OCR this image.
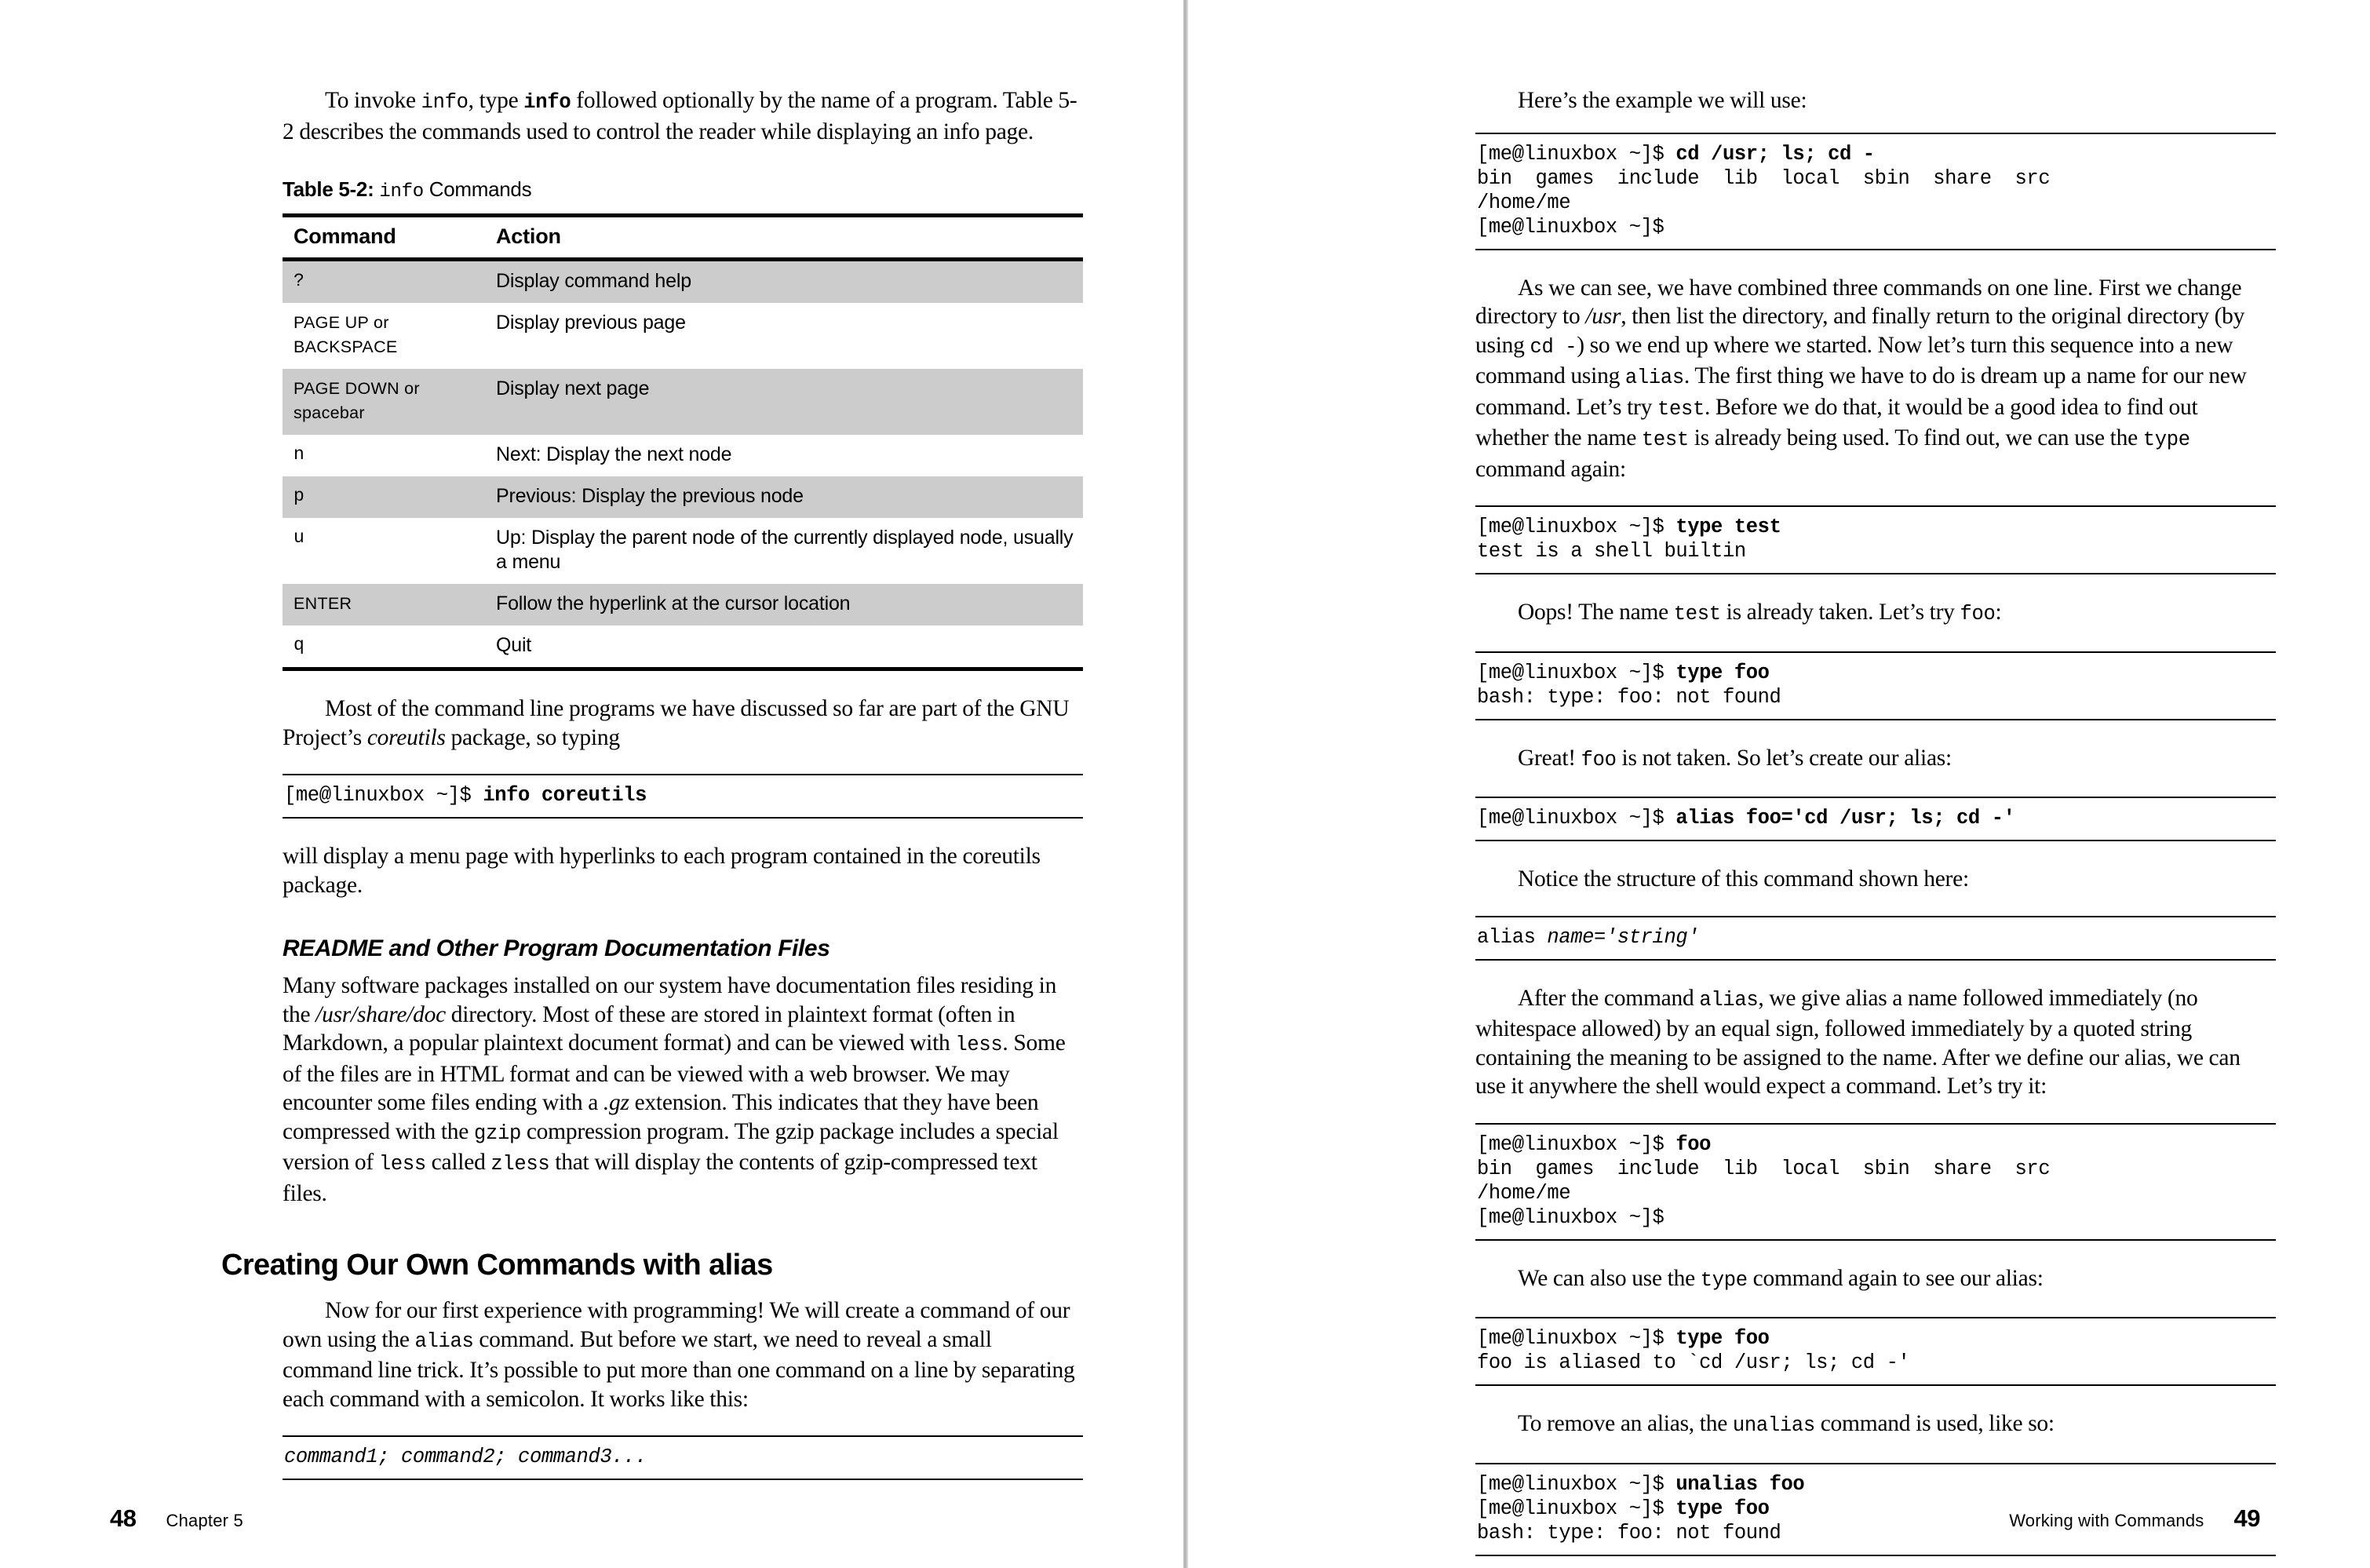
To invoke info, type info followed optionally by the name of a program. Table 5-2 describes the commands used to control the reader while displaying an info page.

Table 5-2: info Commands

Command	Action
?	Display command help
PAGE UP or BACKSPACE	Display previous page
PAGE DOWN or spacebar	Display next page
n	Next: Display the next node
p	Previous: Display the previous node
u	Up: Display the parent node of the currently displayed node, usually a menu
ENTER	Follow the hyperlink at the cursor location
q	Quit

Most of the command line programs we have discussed so far are part of the GNU Project’s coreutils package, so typing

[me@linuxbox ~]$ info coreutils

will display a menu page with hyperlinks to each program contained in the coreutils package.

README and Other Program Documentation Files

Many software packages installed on our system have documentation files residing in the /usr/share/doc directory. Most of these are stored in plaintext format (often in Markdown, a popular plaintext document format) and can be viewed with less. Some of the files are in HTML format and can be viewed with a web browser. We may encounter some files ending with a .gz extension. This indicates that they have been compressed with the gzip compression program. The gzip package includes a special version of less called zless that will display the contents of gzip-compressed text files.

Creating Our Own Commands with alias

Now for our first experience with programming! We will create a command of our own using the alias command. But before we start, we need to reveal a small command line trick. It’s possible to put more than one command on a line by separating each command with a semicolon. It works like this:

command1; command2; command3...
48 Chapter 5

Here’s the example we will use:

[me@linuxbox ~]$ cd /usr; ls; cd -
bin  games  include  lib  local  sbin  share  src
/home/me
[me@linuxbox ~]$

As we can see, we have combined three commands on one line. First we change directory to /usr, then list the directory, and finally return to the original directory (by using cd -) so we end up where we started. Now let’s turn this sequence into a new command using alias. The first thing we have to do is dream up a name for our new command. Let’s try test. Before we do that, it would be a good idea to find out whether the name test is already being used. To find out, we can use the type command again:

[me@linuxbox ~]$ type test
test is a shell builtin

Oops! The name test is already taken. Let’s try foo:

[me@linuxbox ~]$ type foo
bash: type: foo: not found

Great! foo is not taken. So let’s create our alias:

[me@linuxbox ~]$ alias foo='cd /usr; ls; cd -'

Notice the structure of this command shown here:

alias name='string'

After the command alias, we give alias a name followed immediately (no whitespace allowed) by an equal sign, followed immediately by a quoted string containing the meaning to be assigned to the name. After we define our alias, we can use it anywhere the shell would expect a command. Let’s try it:

[me@linuxbox ~]$ foo
bin  games  include  lib  local  sbin  share  src
/home/me
[me@linuxbox ~]$

We can also use the type command again to see our alias:

[me@linuxbox ~]$ type foo
foo is aliased to `cd /usr; ls; cd -'

To remove an alias, the unalias command is used, like so:

[me@linuxbox ~]$ unalias foo
[me@linuxbox ~]$ type foo
bash: type: foo: not found
Working with Commands 49
